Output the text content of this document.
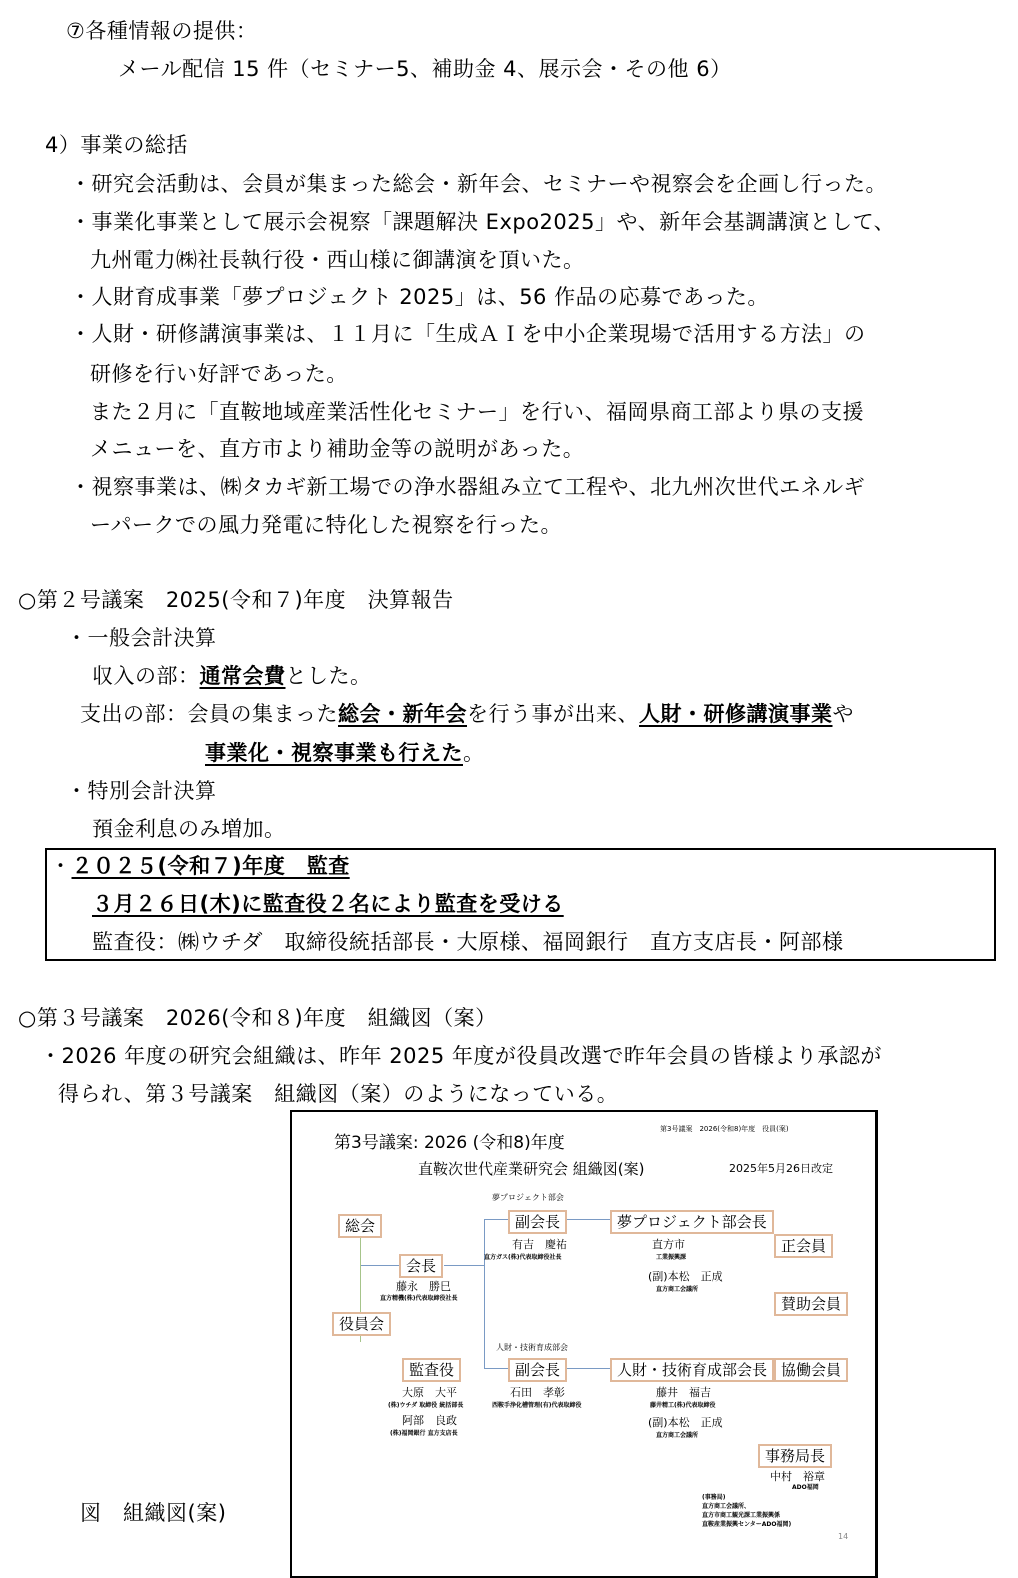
⑦各種情報の提供：
メール配信 15 件（セミナー5、補助金 4、展示会・その他 6）
4）事業の総括
・研究会活動は、会員が集まった総会・新年会、セミナーや視察会を企画し行った。
・事業化事業として展示会視察「課題解決 Expo2025」や、新年会基調講演として、
九州電力㈱社長執行役・西山様に御講演を頂いた。
・人財育成事業「夢プロジェクト 2025」は、56 作品の応募であった。
・人財・研修講演事業は、１１月に「生成ＡＩを中小企業現場で活用する方法」の
研修を行い好評であった。
また２月に「直鞍地域産業活性化セミナー」を行い、福岡県商工部より県の支援
メニューを、直方市より補助金等の説明があった。
・視察事業は、㈱タカギ新工場での浄水器組み立て工程や、北九州次世代エネルギ
ーパークでの風力発電に特化した視察を行った。
○第２号議案　2025(令和７)年度　決算報告
・一般会計決算
収入の部：通常会費とした。
支出の部：会員の集まった総会・新年会を行う事が出来、人財・研修講演事業や
事業化・視察事業も行えた。
・特別会計決算
預金利息のみ増加。
・２０２５(令和７)年度　監査
３月２６日(木)に監査役２名により監査を受ける
監査役：㈱ウチダ　取締役統括部長・大原様、福岡銀行　直方支店長・阿部様
○第３号議案　2026(令和８)年度　組織図（案）
・2026 年度の研究会組織は、昨年 2025 年度が役員改選で昨年会員の皆様より承認が
得られ、第３号議案　組織図（案）のようになっている。
第3号議案: 2026 (令和8)年度
第3号議案　2026(令和8)年度　役員(案)
直鞍次世代産業研究会 組織図(案)	2025年5月26日改定
総会
役員会
会長
藤永　勝巳
直方精機(株)代表取締役社長
夢プロジェクト部会
副会長
有吉　慶祐
直方ガス(株)代表取締役社長
夢プロジェクト部会長
直方市
工業振興課
(副)本松　正成
直方商工会議所
正会員
賛助会員
人財・技術育成部会
副会長
石田　孝彰
西鞍手浄化槽管理(有)代表取締役
人財・技術育成部会長
藤井　福吉
藤井精工(株)代表取締役
(副)本松　正成
直方商工会議所
協働会員
監査役
大原　大平
(株)ウチダ 取締役 統括部長
阿部　良政
(株)福岡銀行 直方支店長
事務局長
中村　裕章
ADO福岡
(事務局)
直方商工会議所、
直方市商工観光課工業振興係
直鞍産業振興センターADO福岡)
14
図　組織図(案)
